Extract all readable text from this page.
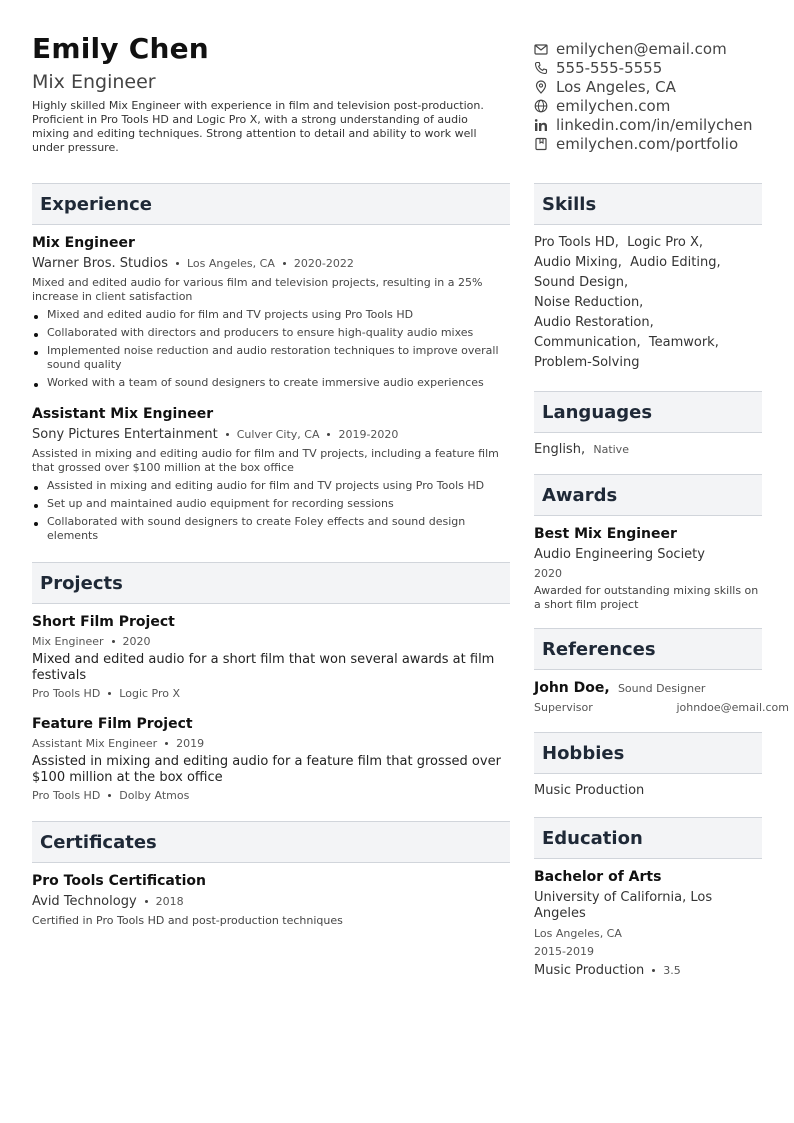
Emily Chen
Mix Engineer
Highly skilled Mix Engineer with experience in film and television post-production. Proficient in Pro Tools HD and Logic Pro X, with a strong understanding of audio mixing and editing techniques. Strong attention to detail and ability to work well under pressure.
emilychen@email.com
555-555-5555
Los Angeles, CA
emilychen.com
linkedin.com/in/emilychen
emilychen.com/portfolio
Experience
Mix Engineer
Warner Bros. Studios Los Angeles, CA 2020-2022
Mixed and edited audio for various film and television projects, resulting in a 25% increase in client satisfaction
Mixed and edited audio for film and TV projects using Pro Tools HD
Collaborated with directors and producers to ensure high-quality audio mixes
Implemented noise reduction and audio restoration techniques to improve overall sound quality
Worked with a team of sound designers to create immersive audio experiences
Assistant Mix Engineer
Sony Pictures Entertainment Culver City, CA 2019-2020
Assisted in mixing and editing audio for film and TV projects, including a feature film that grossed over $100 million at the box office
Assisted in mixing and editing audio for film and TV projects using Pro Tools HD
Set up and maintained audio equipment for recording sessions
Collaborated with sound designers to create Foley effects and sound design elements
Projects
Short Film Project
Mix Engineer 2020
Mixed and edited audio for a short film that won several awards at film festivals
Pro Tools HD Logic Pro X
Feature Film Project
Assistant Mix Engineer 2019
Assisted in mixing and editing audio for a feature film that grossed over $100 million at the box office
Pro Tools HD Dolby Atmos
Certificates
Pro Tools Certification
Avid Technology 2018
Certified in Pro Tools HD and post-production techniques
Skills
Pro Tools HD, Logic Pro X,
Audio Mixing, Audio Editing,
Sound Design,
Noise Reduction,
Audio Restoration,
Communication, Teamwork,
Problem-Solving
Languages
English,
Native
Awards
Best Mix Engineer
Audio Engineering Society
2020
Awarded for outstanding mixing skills on a short film project
References
John Doe,
Sound Designer
Supervisor	johndoe@email.com
Hobbies
Music Production
Education
Bachelor of Arts
University of California, Los Angeles
Los Angeles, CA
2015-2019
Music Production 3.5
